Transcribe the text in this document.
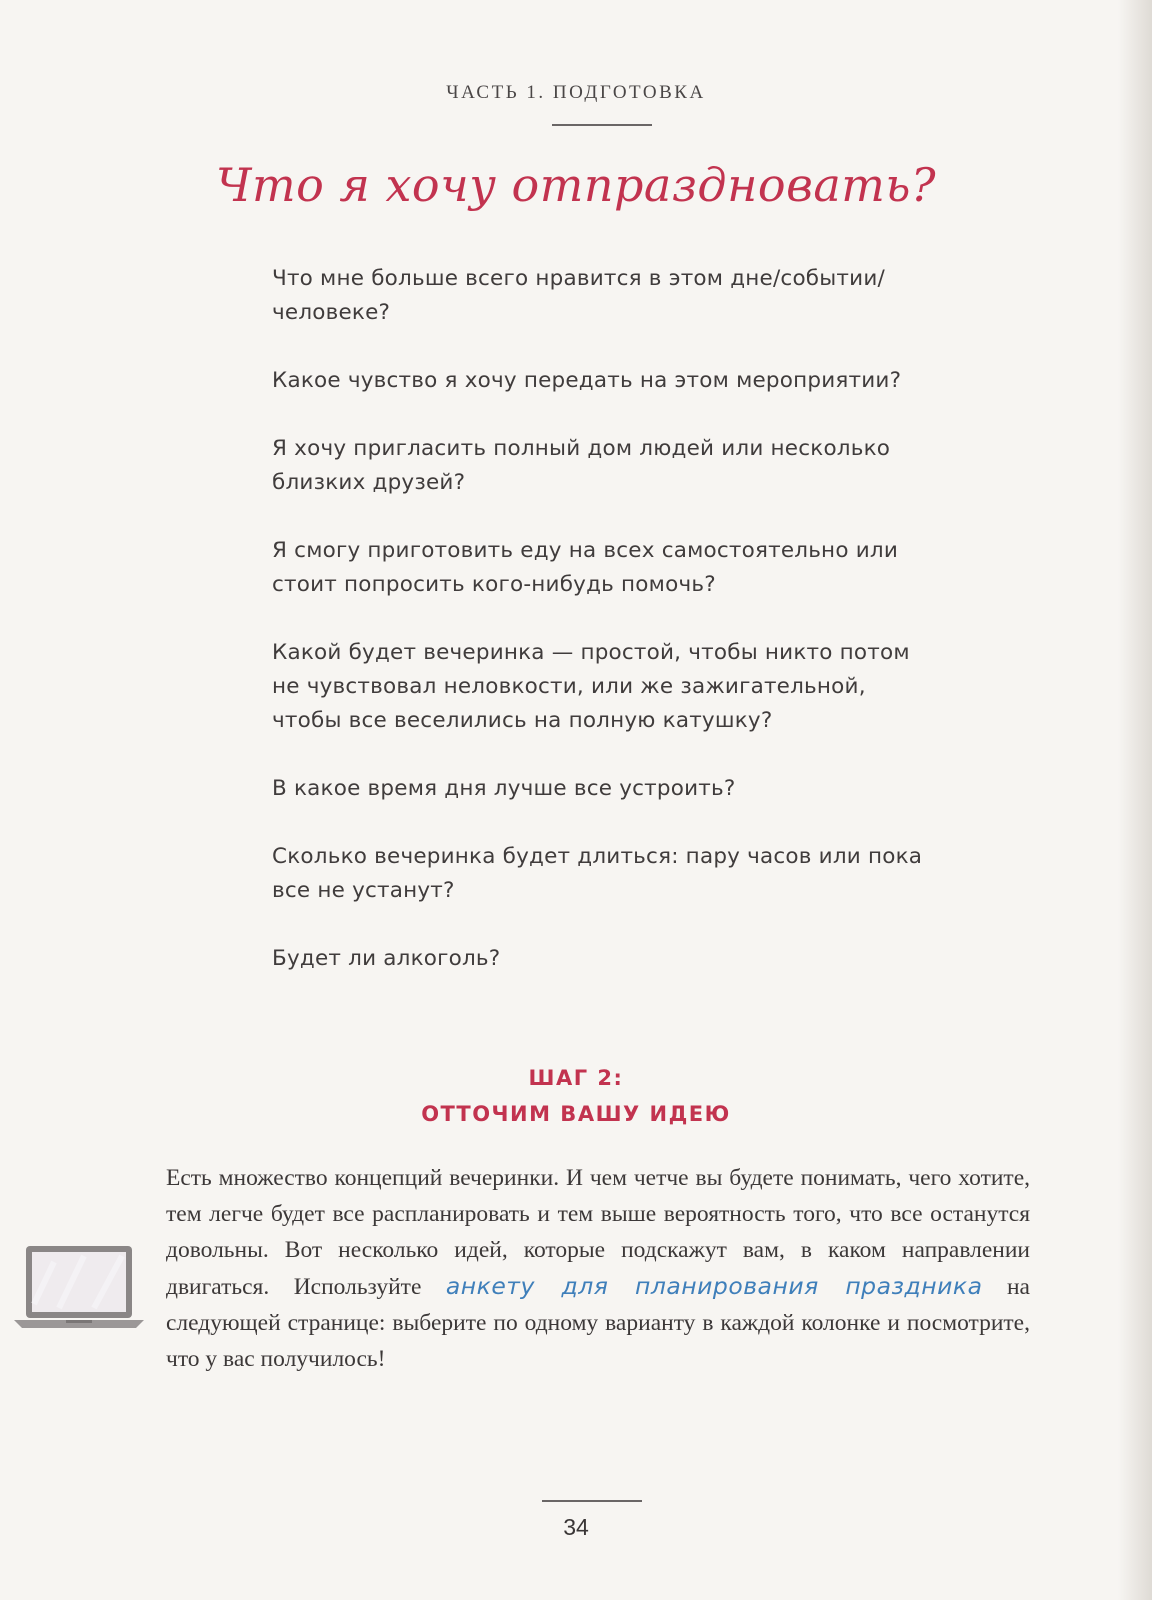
ЧАСТЬ 1. ПОДГОТОВКА
Что я хочу отпраздновать?

Что мне больше всего нравится в этом дне/событии/человеке?

Какое чувство я хочу передать на этом мероприятии?

Я хочу пригласить полный дом людей или несколько близких друзей?

Я смогу приготовить еду на всех самостоятельно или стоит попросить кого-нибудь помочь?

Какой будет вечеринка — простой, чтобы никто потом не чувствовал неловкости, или же зажигательной, чтобы все веселились на полную катушку?

В какое время дня лучше все устроить?

Сколько вечеринка будет длиться: пару часов или пока все не устанут?

Будет ли алкоголь?

ШАГ 2:
ОТТОЧИМ ВАШУ ИДЕЮ
Есть множество концепций вечеринки. И чем четче вы будете понимать, чего хотите, тем легче будет все распланировать и тем выше вероятность того, что все останутся довольны. Вот несколько идей, которые подскажут вам, в каком направлении двигаться. Используйте анкету для планирования праздника на следующей странице: выберите по одному варианту в каждой колонке и посмотрите, что у вас получилось!
34
